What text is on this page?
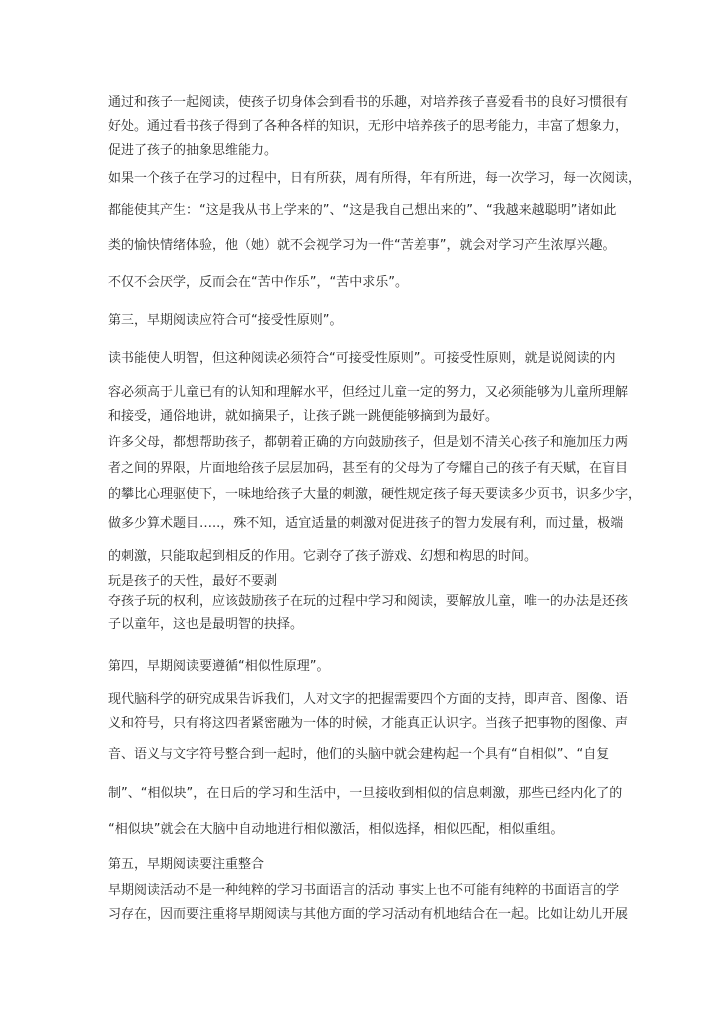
通过和孩子一起阅读，使孩子切身体会到看书的乐趣，对培养孩子喜爱看书的良好习惯很有
好处。通过看书孩子得到了各种各样的知识，无形中培养孩子的思考能力，丰富了想象力，
促进了孩子的抽象思维能力。
如果一个孩子在学习的过程中，日有所获，周有所得，年有所进，每一次学习，每一次阅读，
都能使其产生：“这是我从书上学来的”、“这是我自己想出来的”、“我越来越聪明”诸如此
类的愉快情绪体验，他（她）就不会视学习为一件“苦差事”，就会对学习产生浓厚兴趣。
不仅不会厌学，反而会在“苦中作乐”，“苦中求乐”。
第三，早期阅读应符合可“接受性原则”。
读书能使人明智，但这种阅读必须符合“可接受性原则”。可接受性原则，就是说阅读的内
容必须高于儿童已有的认知和理解水平，但经过儿童一定的努力，又必须能够为儿童所理解
和接受，通俗地讲，就如摘果子，让孩子跳一跳便能够摘到为最好。
许多父母，都想帮助孩子，都朝着正确的方向鼓励孩子，但是划不清关心孩子和施加压力两
者之间的界限，片面地给孩子层层加码，甚至有的父母为了夸耀自己的孩子有天赋，在盲目
的攀比心理驱使下，一味地给孩子大量的刺激，硬性规定孩子每天要读多少页书，识多少字，
做多少算术题目…..，殊不知，适宜适量的刺激对促进孩子的智力发展有利，而过量，极端
的刺激，只能取起到相反的作用。它剥夺了孩子游戏、幻想和构思的时间。
玩是孩子的天性，最好不要剥
夺孩子玩的权利，应该鼓励孩子在玩的过程中学习和阅读，要解放儿童，唯一的办法是还孩
子以童年，这也是最明智的抉择。
第四，早期阅读要遵循“相似性原理”。
现代脑科学的研究成果告诉我们，人对文字的把握需要四个方面的支持，即声音、图像、语
义和符号，只有将这四者紧密融为一体的时候，才能真正认识字。当孩子把事物的图像、声
音、语义与文字符号整合到一起时，他们的头脑中就会建构起一个具有“自相似”、“自复
制”、“相似块”，在日后的学习和生活中，一旦接收到相似的信息刺激，那些已经内化了的
“相似块”就会在大脑中自动地进行相似激活，相似选择，相似匹配，相似重组。
第五，早期阅读要注重整合
早期阅读活动不是一种纯粹的学习书面语言的活动 事实上也不可能有纯粹的书面语言的学
习存在，因而要注重将早期阅读与其他方面的学习活动有机地结合在一起。比如让幼儿开展
